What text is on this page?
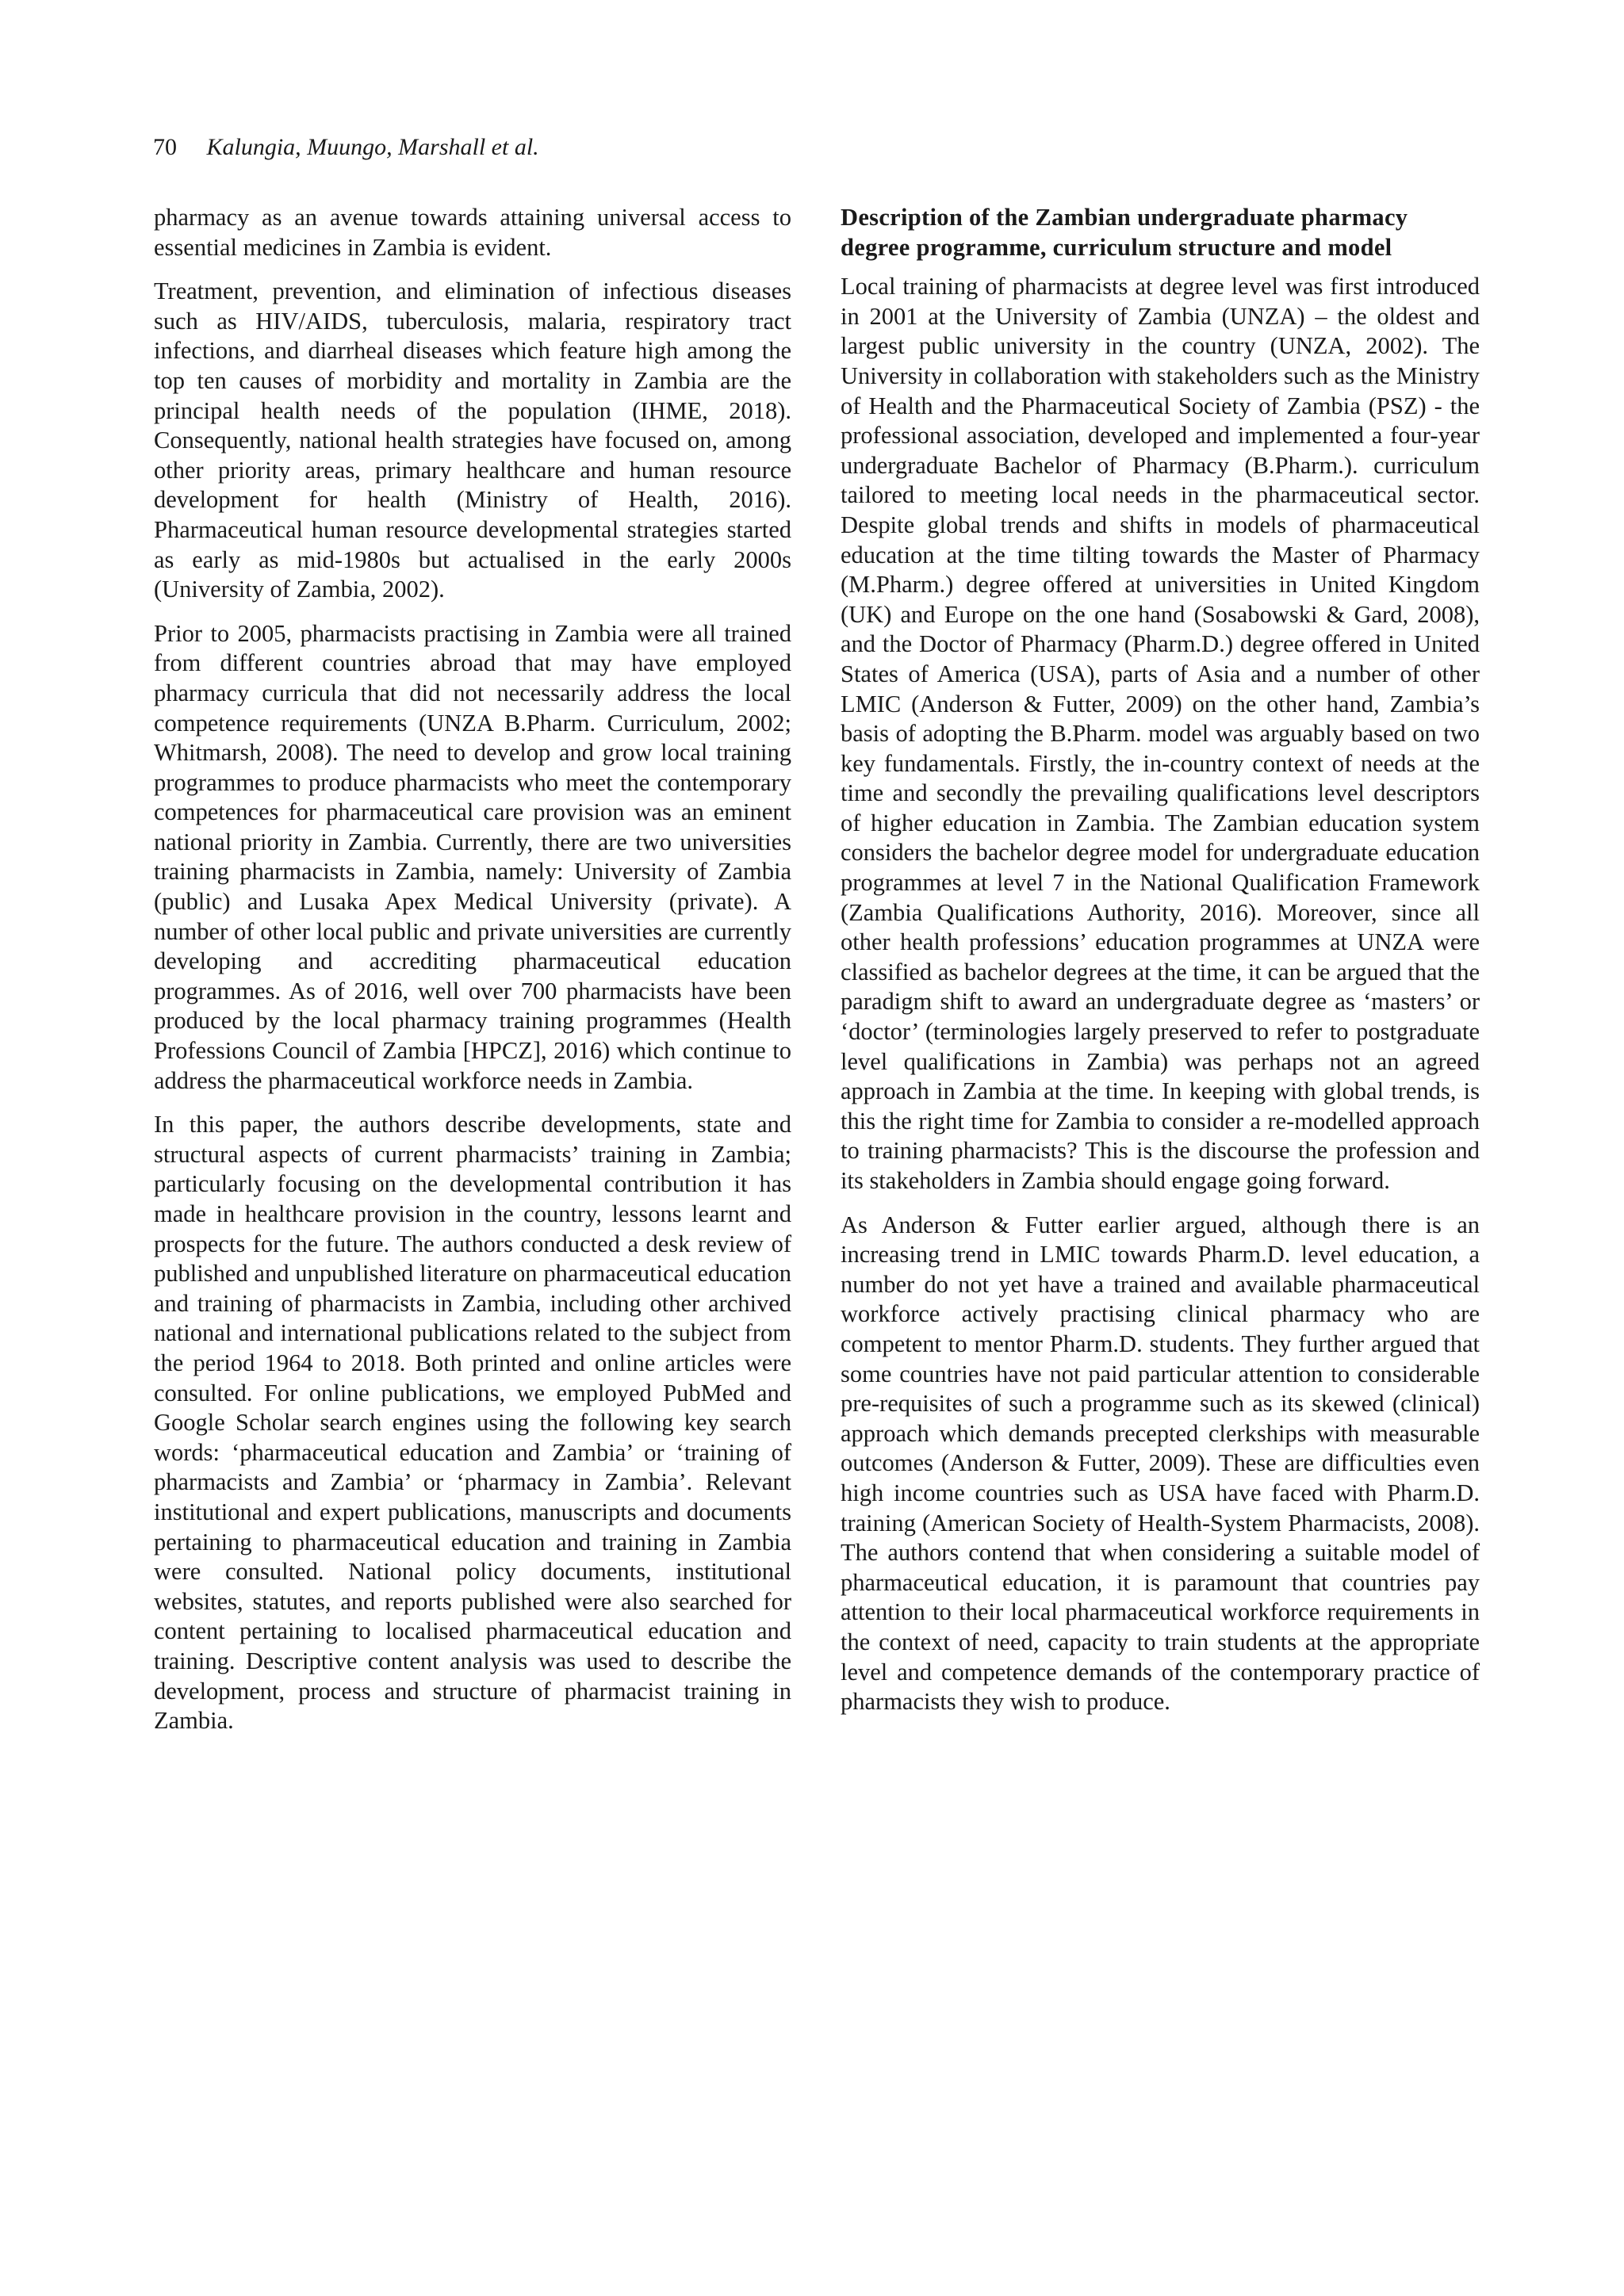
70 Kalungia, Muungo, Marshall et al.

pharmacy as an avenue towards attaining universal access to essential medicines in Zambia is evident.

Treatment, prevention, and elimination of infectious diseases such as HIV/AIDS, tuberculosis, malaria, respiratory tract infections, and diarrheal diseases which feature high among the top ten causes of morbidity and mortality in Zambia are the principal health needs of the population (IHME, 2018). Consequently, national health strategies have focused on, among other priority areas, primary healthcare and human resource development for health (Ministry of Health, 2016). Pharmaceutical human resource developmental strategies started as early as mid-1980s but actualised in the early 2000s (University of Zambia, 2002).

Prior to 2005, pharmacists practising in Zambia were all trained from different countries abroad that may have employed pharmacy curricula that did not necessarily address the local competence requirements (UNZA B.Pharm. Curriculum, 2002; Whitmarsh, 2008). The need to develop and grow local training programmes to produce pharmacists who meet the contemporary competences for pharmaceutical care provision was an eminent national priority in Zambia. Currently, there are two universities training pharmacists in Zambia, namely: University of Zambia (public) and Lusaka Apex Medical University (private). A number of other local public and private universities are currently developing and accrediting pharmaceutical education programmes. As of 2016, well over 700 pharmacists have been produced by the local pharmacy training programmes (Health Professions Council of Zambia [HPCZ], 2016) which continue to address the pharmaceutical workforce needs in Zambia.

In this paper, the authors describe developments, state and structural aspects of current pharmacists’ training in Zambia; particularly focusing on the developmental contribution it has made in healthcare provision in the country, lessons learnt and prospects for the future. The authors conducted a desk review of published and unpublished literature on pharmaceutical education and training of pharmacists in Zambia, including other archived national and international publications related to the subject from the period 1964 to 2018. Both printed and online articles were consulted. For online publications, we employed PubMed and Google Scholar search engines using the following key search words: ‘pharmaceutical education and Zambia’ or ‘training of pharmacists and Zambia’ or ‘pharmacy in Zambia’. Relevant institutional and expert publications, manuscripts and documents pertaining to pharmaceutical education and training in Zambia were consulted. National policy documents, institutional websites, statutes, and reports published were also searched for content pertaining to localised pharmaceutical education and training. Descriptive content analysis was used to describe the development, process and structure of pharmacist training in Zambia.

Description of the Zambian undergraduate pharmacy degree programme, curriculum structure and model

Local training of pharmacists at degree level was first introduced in 2001 at the University of Zambia (UNZA) – the oldest and largest public university in the country (UNZA, 2002). The University in collaboration with stakeholders such as the Ministry of Health and the Pharmaceutical Society of Zambia (PSZ) - the professional association, developed and implemented a four-year undergraduate Bachelor of Pharmacy (B.Pharm.). curriculum tailored to meeting local needs in the pharmaceutical sector. Despite global trends and shifts in models of pharmaceutical education at the time tilting towards the Master of Pharmacy (M.Pharm.) degree offered at universities in United Kingdom (UK) and Europe on the one hand (Sosabowski & Gard, 2008), and the Doctor of Pharmacy (Pharm.D.) degree offered in United States of America (USA), parts of Asia and a number of other LMIC (Anderson & Futter, 2009) on the other hand, Zambia’s basis of adopting the B.Pharm. model was arguably based on two key fundamentals. Firstly, the in-country context of needs at the time and secondly the prevailing qualifications level descriptors of higher education in Zambia. The Zambian education system considers the bachelor degree model for undergraduate education programmes at level 7 in the National Qualification Framework (Zambia Qualifications Authority, 2016). Moreover, since all other health professions’ education programmes at UNZA were classified as bachelor degrees at the time, it can be argued that the paradigm shift to award an undergraduate degree as ‘masters’ or ‘doctor’ (terminologies largely preserved to refer to postgraduate level qualifications in Zambia) was perhaps not an agreed approach in Zambia at the time. In keeping with global trends, is this the right time for Zambia to consider a re-modelled approach to training pharmacists? This is the discourse the profession and its stakeholders in Zambia should engage going forward.

As Anderson & Futter earlier argued, although there is an increasing trend in LMIC towards Pharm.D. level education, a number do not yet have a trained and available pharmaceutical workforce actively practising clinical pharmacy who are competent to mentor Pharm.D. students. They further argued that some countries have not paid particular attention to considerable pre-requisites of such a programme such as its skewed (clinical) approach which demands precepted clerkships with measurable outcomes (Anderson & Futter, 2009). These are difficulties even high income countries such as USA have faced with Pharm.D. training (American Society of Health-System Pharmacists, 2008). The authors contend that when considering a suitable model of pharmaceutical education, it is paramount that countries pay attention to their local pharmaceutical workforce requirements in the context of need, capacity to train students at the appropriate level and competence demands of the contemporary practice of pharmacists they wish to produce.
